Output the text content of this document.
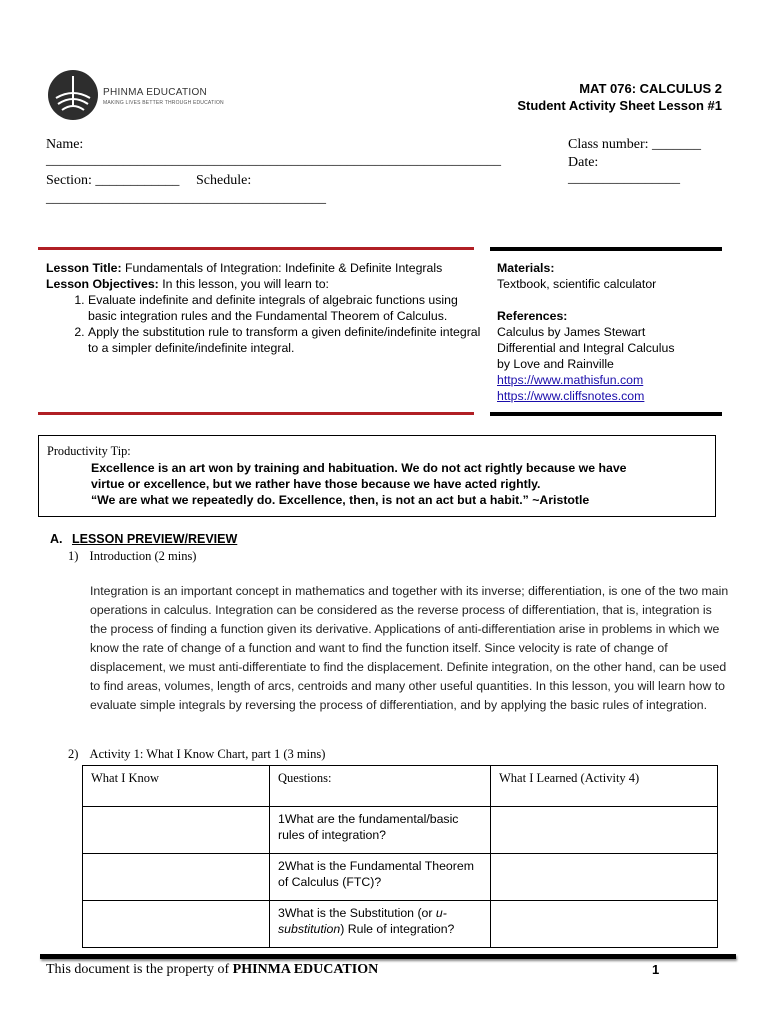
PHINMA EDUCATION
MAKING LIVES BETTER THROUGH EDUCATION
MAT 076: CALCULUS 2
Student Activity Sheet Lesson #1
Name:
_________________________________________________________________
Class number: _______
Date:
________________
Section: ____________ Schedule:
________________________________________
Lesson Title: Fundamentals of Integration: Indefinite & Definite Integrals
Lesson Objectives: In this lesson, you will learn to:
1. Evaluate indefinite and definite integrals of algebraic functions using basic integration rules and the Fundamental Theorem of Calculus.
2. Apply the substitution rule to transform a given definite/indefinite integral to a simpler definite/indefinite integral.
Materials:
Textbook, scientific calculator
References:
Calculus by James Stewart
Differential and Integral Calculus
by Love and Rainville
https://www.mathisfun.com
https://www.cliffsnotes.com
Productivity Tip:
Excellence is an art won by training and habituation. We do not act rightly because we have
virtue or excellence, but we rather have those because we have acted rightly.
“We are what we repeatedly do. Excellence, then, is not an act but a habit.” ~Aristotle
A. LESSON PREVIEW/REVIEW
1) Introduction (2 mins)
Integration is an important concept in mathematics and together with its inverse; differentiation, is one of the two main operations in calculus. Integration can be considered as the reverse process of differentiation, that is, integration is the process of finding a function given its derivative. Applications of anti-differentiation arise in problems in which we know the rate of change of a function and want to find the function itself. Since velocity is rate of change of displacement, we must anti-differentiate to find the displacement. Definite integration, on the other hand, can be used to find areas, volumes, length of arcs, centroids and many other useful quantities. In this lesson, you will learn how to evaluate simple integrals by reversing the process of differentiation, and by applying the basic rules of integration.
2) Activity 1: What I Know Chart, part 1 (3 mins)
What I Know	Questions:	What I Learned (Activity 4)
	1What are the fundamental/basic rules of integration?	
	2What is the Fundamental Theorem of Calculus (FTC)?	
	3What is the Substitution (or u-substitution) Rule of integration?	
This document is the property of PHINMA EDUCATION	1
